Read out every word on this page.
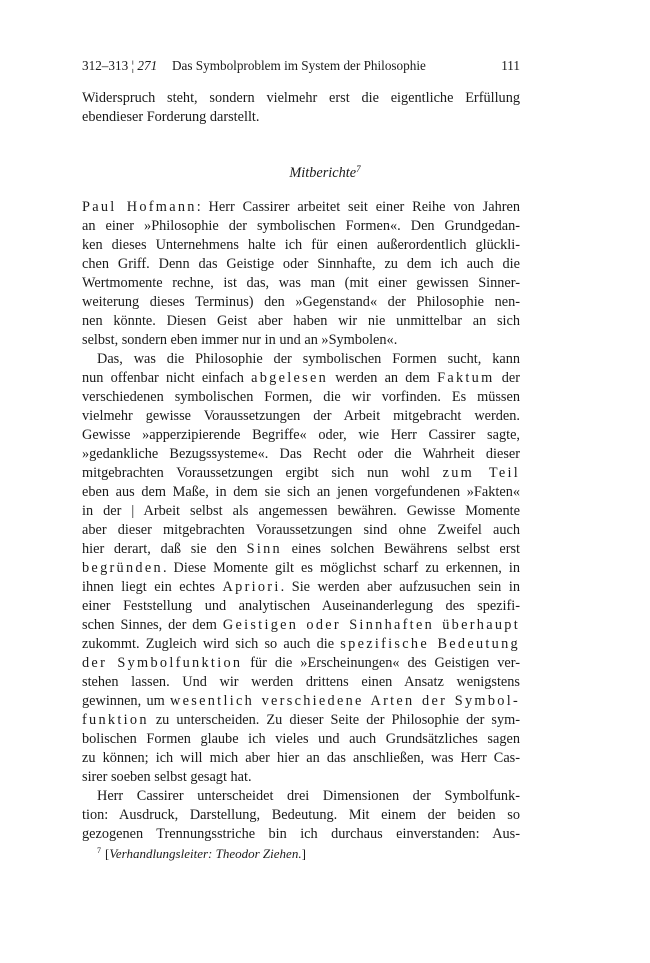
312–313 ¦ 271 Das Symbolproblem im System der Philosophie	111
Widerspruch steht, sondern vielmehr erst die eigentliche Erfüllung
ebendieser Forderung darstellt.
Mitberichte$^7$
Paul Hofmann: Herr Cassirer arbeitet seit einer Reihe von Jahren
an einer »Philosophie der symbolischen Formen«. Den Grundgedan-
ken dieses Unternehmens halte ich für einen außerordentlich glückli-
chen Griff. Denn das Geistige oder Sinnhafte, zu dem ich auch die
Wertmomente rechne, ist das, was man (mit einer gewissen Sinner-
weiterung dieses Terminus) den »Gegenstand« der Philosophie nen-
nen könnte. Diesen Geist aber haben wir nie unmittelbar an sich
selbst, sondern eben immer nur in und an »Symbolen«.
Das, was die Philosophie der symbolischen Formen sucht, kann
nun offenbar nicht einfach abgelesen werden an dem Faktum der
verschiedenen symbolischen Formen, die wir vorfinden. Es müssen
vielmehr gewisse Voraussetzungen der Arbeit mitgebracht werden.
Gewisse »apperzipierende Begriffe« oder, wie Herr Cassirer sagte,
»gedankliche Bezugssysteme«. Das Recht oder die Wahrheit dieser
mitgebrachten Voraussetzungen ergibt sich nun wohl zum Teil
eben aus dem Maße, in dem sie sich an jenen vorgefundenen »Fakten«
in der | Arbeit selbst als angemessen bewähren. Gewisse Momente
aber dieser mitgebrachten Voraussetzungen sind ohne Zweifel auch
hier derart, daß sie den Sinn eines solchen Bewährens selbst erst
begründen. Diese Momente gilt es möglichst scharf zu erkennen, in
ihnen liegt ein echtes Apriori. Sie werden aber aufzusuchen sein in
einer Feststellung und analytischen Auseinanderlegung des spezifi-
schen Sinnes, der dem Geistigen oder Sinnhaften überhaupt
zukommt. Zugleich wird sich so auch die spezifische Bedeutung
der Symbolfunktion für die »Erscheinungen« des Geistigen ver-
stehen lassen. Und wir werden drittens einen Ansatz wenigstens
gewinnen, um wesentlich verschiedene Arten der Symbol-
funktion zu unterscheiden. Zu dieser Seite der Philosophie der sym-
bolischen Formen glaube ich vieles und auch Grundsätzliches sagen
zu können; ich will mich aber hier an das anschließen, was Herr Cas-
sirer soeben selbst gesagt hat.
Herr Cassirer unterscheidet drei Dimensionen der Symbolfunk-
tion: Ausdruck, Darstellung, Bedeutung. Mit einem der beiden so
gezogenen Trennungsstriche bin ich durchaus einverstanden: Aus-
$^7$ [Verhandlungsleiter: Theodor Ziehen.]
